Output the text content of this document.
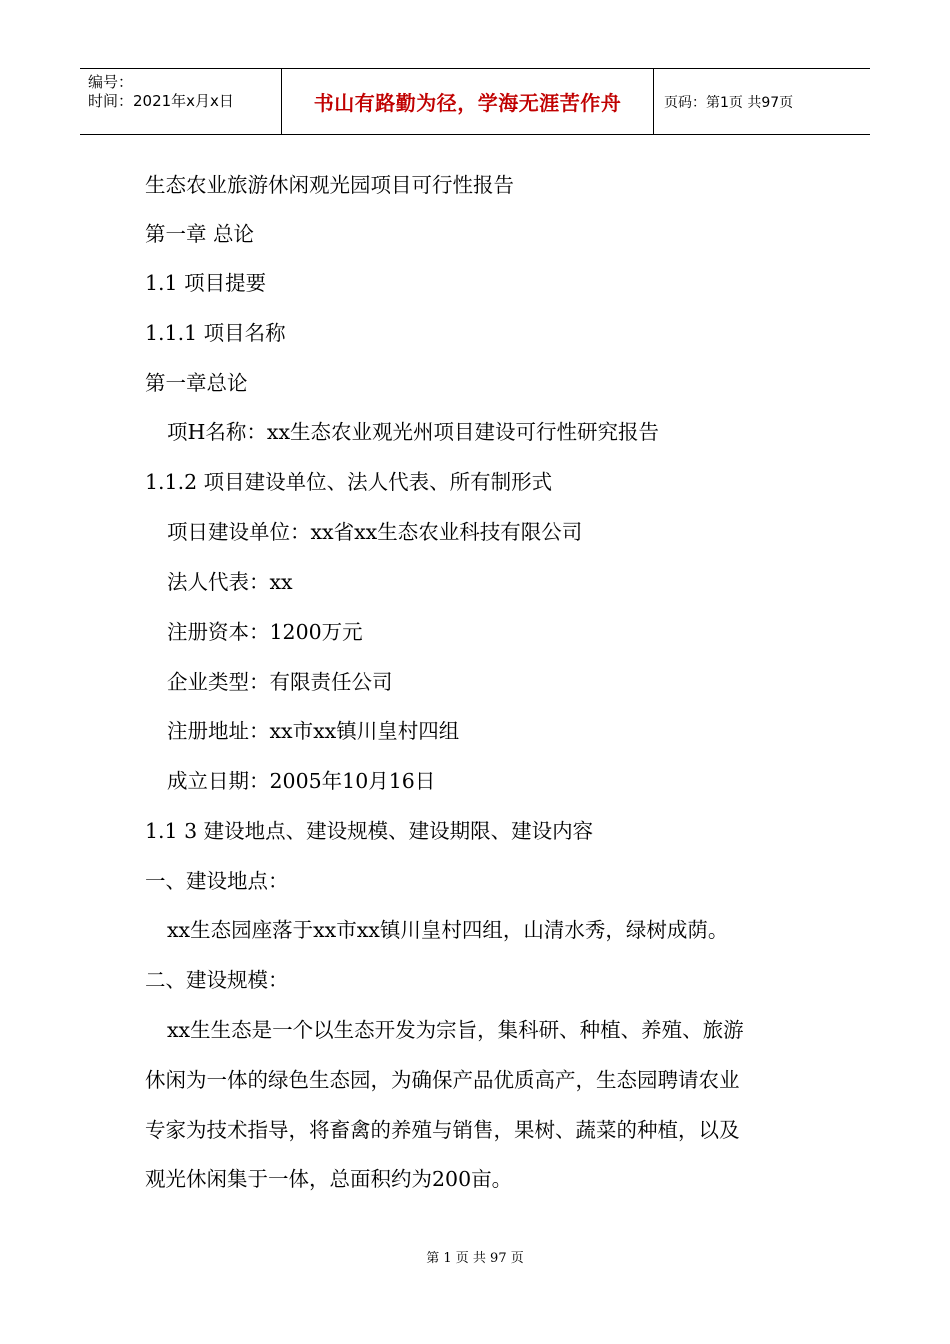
编号：
时间：2021年x月x日	书山有路勤为径，学海无涯苦作舟	页码：第1页 共97页
生态农业旅游休闲观光园项目可行性报告
第一章 总论
1.1 项目提要
1.1.1 项目名称
第一章总论
项H名称：xx生态农业观光州项目建设可行性研究报告
1.1.2 项目建设单位、法人代表、所有制形式
项日建设单位：xx省xx生态农业科技有限公司
法人代表：xx
注册资本：1200万元
企业类型：有限责任公司
注册地址：xx市xx镇川皇村四组
成立日期：2005年10月16日
1.1 3 建设地点、建设规模、建设期限、建设内容
一、建设地点：
xx生态园座落于xx市xx镇川皇村四组，山清水秀，绿树成荫。
二、建设规模：
xx生生态是一个以生态开发为宗旨，集科研、种植、养殖、旅游
休闲为一体的绿色生态园，为确保产品优质高产，生态园聘请农业
专家为技术指导，将畜禽的养殖与销售，果树、蔬菜的种植，以及
观光休闲集于一体，总面积约为200亩。
第 1 页 共 97 页
